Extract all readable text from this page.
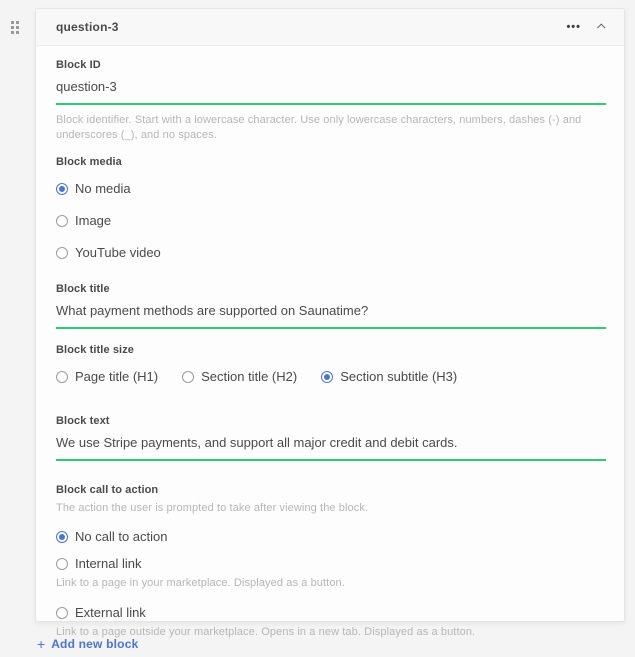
question-3	•••
Block ID
question-3
Block identifier. Start with a lowercase character. Use only lowercase characters, numbers, dashes (-) and underscores (_), and no spaces.
Block media
No media
Image
YouTube video
Block title
What payment methods are supported on Saunatime?
Block title size
Page title (H1)	Section title (H2)	Section subtitle (H3)
Block text
We use Stripe payments, and support all major credit and debit cards.
Block call to action
The action the user is prompted to take after viewing the block.
No call to action
Internal link
Link to a page in your marketplace. Displayed as a button.
External link
Link to a page outside your marketplace. Opens in a new tab. Displayed as a button.
+ Add new block
